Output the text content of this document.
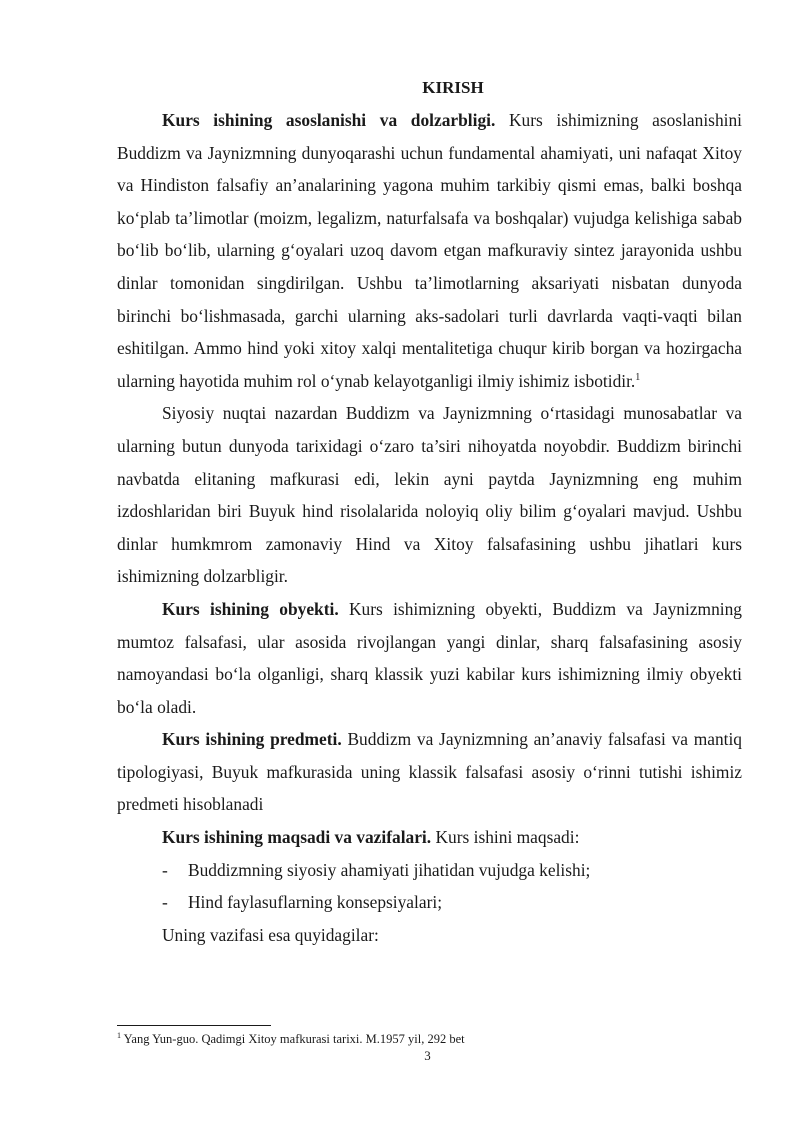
KIRISH

Kurs ishining asoslanishi va dolzarbligi. Kurs ishimizning asoslanishini Buddizm va Jaynizmning dunyoqarashi uchun fundamental ahamiyati, uni nafaqat Xitoy va Hindiston falsafiy an’analarining yagona muhim tarkibiy qismi emas, balki boshqa ko‘plab ta’limotlar (moizm, legalizm, naturfalsafa va boshqalar) vujudga kelishiga sabab bo‘lib bo‘lib, ularning g‘oyalari uzoq davom etgan mafkuraviy sintez jarayonida ushbu dinlar tomonidan singdirilgan. Ushbu ta’limotlarning aksariyati nisbatan dunyoda birinchi bo‘lishmasada, garchi ularning aks-sadolari turli davrlarda vaqti-vaqti bilan eshitilgan. Ammo hind yoki xitoy xalqi mentalitetiga chuqur kirib borgan va hozirgacha ularning hayotida muhim rol o‘ynab kelayotganligi ilmiy ishimiz isbotidir.$^1$

Siyosiy nuqtai nazardan Buddizm va Jaynizmning o‘rtasidagi munosabatlar va ularning butun dunyoda tarixidagi o‘zaro ta’siri nihoyatda noyobdir. Buddizm birinchi navbatda elitaning mafkurasi edi, lekin ayni paytda Jaynizmning eng muhim izdoshlaridan biri Buyuk hind risolalarida noloyiq oliy bilim g‘oyalari mavjud. Ushbu dinlar humkmrom zamonaviy Hind va Xitoy falsafasining ushbu jihatlari kurs ishimizning dolzarbligir.

Kurs ishining obyekti. Kurs ishimizning obyekti, Buddizm va Jaynizmning mumtoz falsafasi, ular asosida rivojlangan yangi dinlar, sharq falsafasining asosiy namoyandasi bo‘la olganligi, sharq klassik yuzi kabilar kurs ishimizning ilmiy obyekti bo‘la oladi.

Kurs ishining predmeti. Buddizm va Jaynizmning an’anaviy falsafasi va mantiq tipologiyasi, Buyuk mafkurasida uning klassik falsafasi asosiy o‘rinni tutishi ishimiz predmeti hisoblanadi

Kurs ishining maqsadi va vazifalari. Kurs ishini maqsadi:

-	Buddizmning siyosiy ahamiyati jihatidan vujudga kelishi;
-	Hind faylasuflarning konsepsiyalari;

Uning vazifasi esa quyidagilar:

$^1$ Yang Yun-guo. Qadimgi Xitoy mafkurasi tarixi. M.1957 yil, 292 bet
3
